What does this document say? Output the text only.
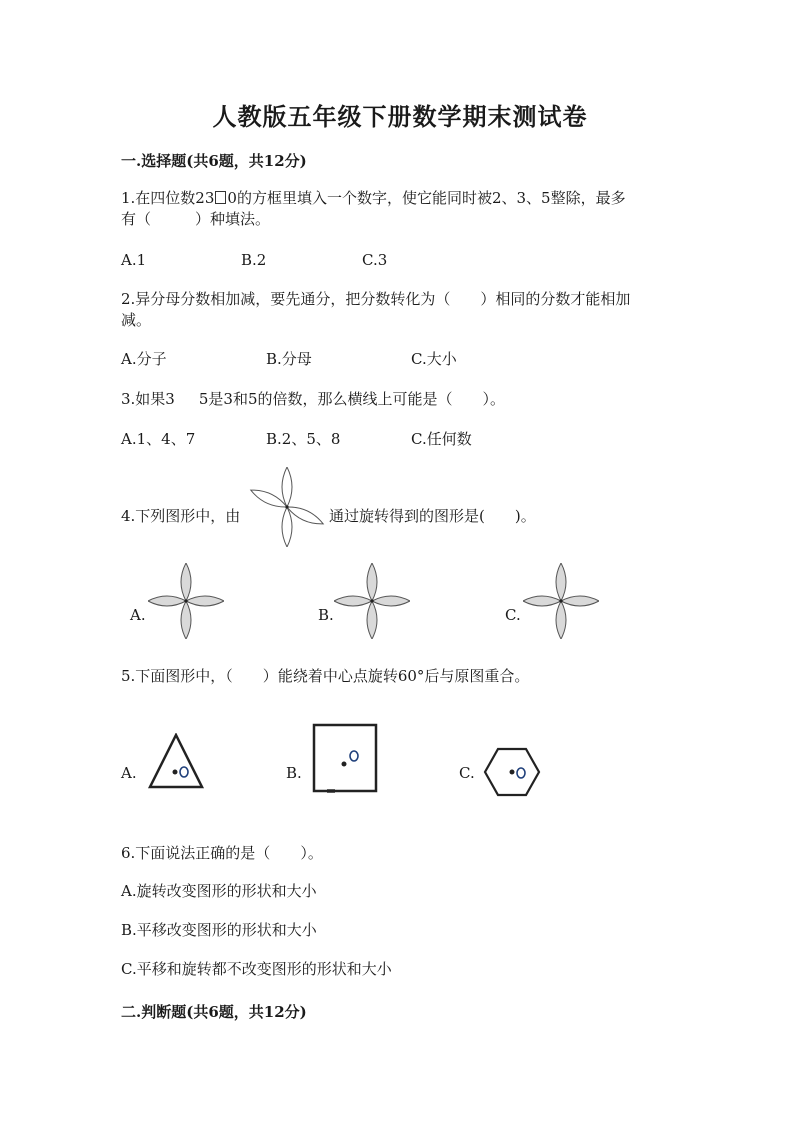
人教版五年级下册数学期末测试卷
一.选择题(共6题，共12分)
1.在四位数23 0的方框里填入一个数字，使它能同时被2、3、5整除，最多
有（	）种填法。
A.1	B.2	C.3
2.异分母分数相加减，要先通分，把分数转化为（　　）相同的分数才能相加
减。
A.分子	B.分母	C.大小
3.如果3 5是3和5的倍数，那么横线上可能是（　　）。
A.1、4、7	B.2、5、8	C.任何数
4.下列图形中，由	通过旋转得到的图形是(　　)。
A.	B.	C.
5.下面图形中，（　　）能绕着中心点旋转60°后与原图重合。
A.	B.	C.
6.下面说法正确的是（　　）。
A.旋转改变图形的形状和大小
B.平移改变图形的形状和大小
C.平移和旋转都不改变图形的形状和大小
二.判断题(共6题，共12分)
